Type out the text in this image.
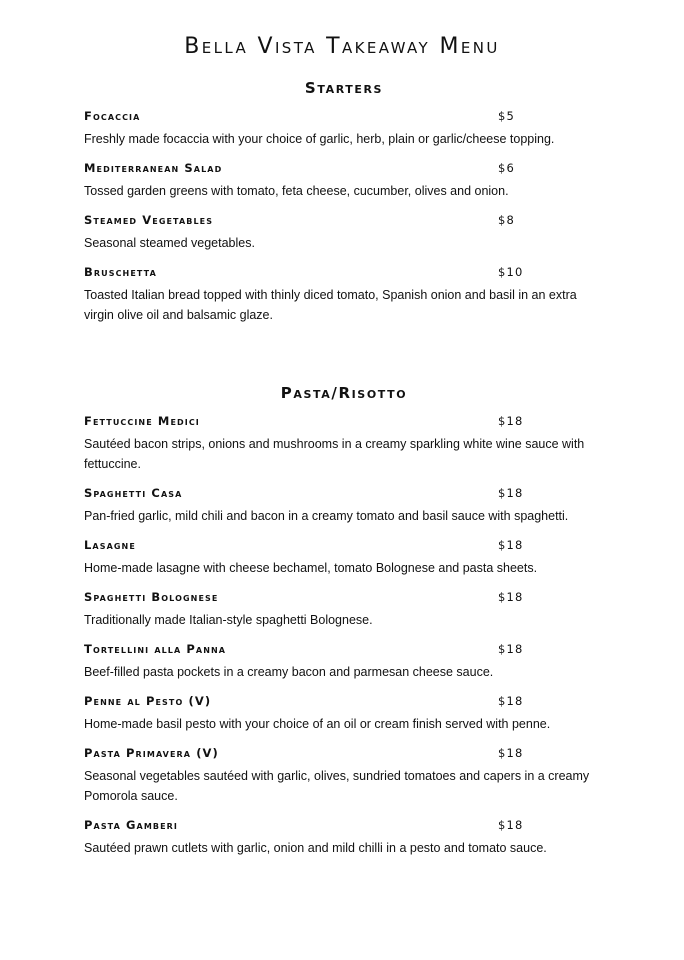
Bella Vista Takeaway Menu
Starters
Focaccia	$5

Freshly made focaccia with your choice of garlic, herb, plain or garlic/cheese topping.

Mediterranean Salad	$6

Tossed garden greens with tomato, feta cheese, cucumber, olives and onion.

Steamed Vegetables	$8

Seasonal steamed vegetables.

Bruschetta	$10

Toasted Italian bread topped with thinly diced tomato, Spanish onion and basil in an extra virgin olive oil and balsamic glaze.

Pasta/Risotto
Fettuccine Medici	$18

Sautéed bacon strips, onions and mushrooms in a creamy sparkling white wine sauce with fettuccine.

Spaghetti Casa	$18

Pan-fried garlic, mild chili and bacon in a creamy tomato and basil sauce with spaghetti.

Lasagne	$18

Home-made lasagne with cheese bechamel, tomato Bolognese and pasta sheets.

Spaghetti Bolognese	$18

Traditionally made Italian-style spaghetti Bolognese.

Tortellini alla Panna	$18

Beef-filled pasta pockets in a creamy bacon and parmesan cheese sauce.

Penne al Pesto (V)	$18

Home-made basil pesto with your choice of an oil or cream finish served with penne.

Pasta Primavera (V)	$18

Seasonal vegetables sautéed with garlic, olives, sundried tomatoes and capers in a creamy Pomorola sauce.

Pasta Gamberi	$18

Sautéed prawn cutlets with garlic, onion and mild chilli in a pesto and tomato sauce.
